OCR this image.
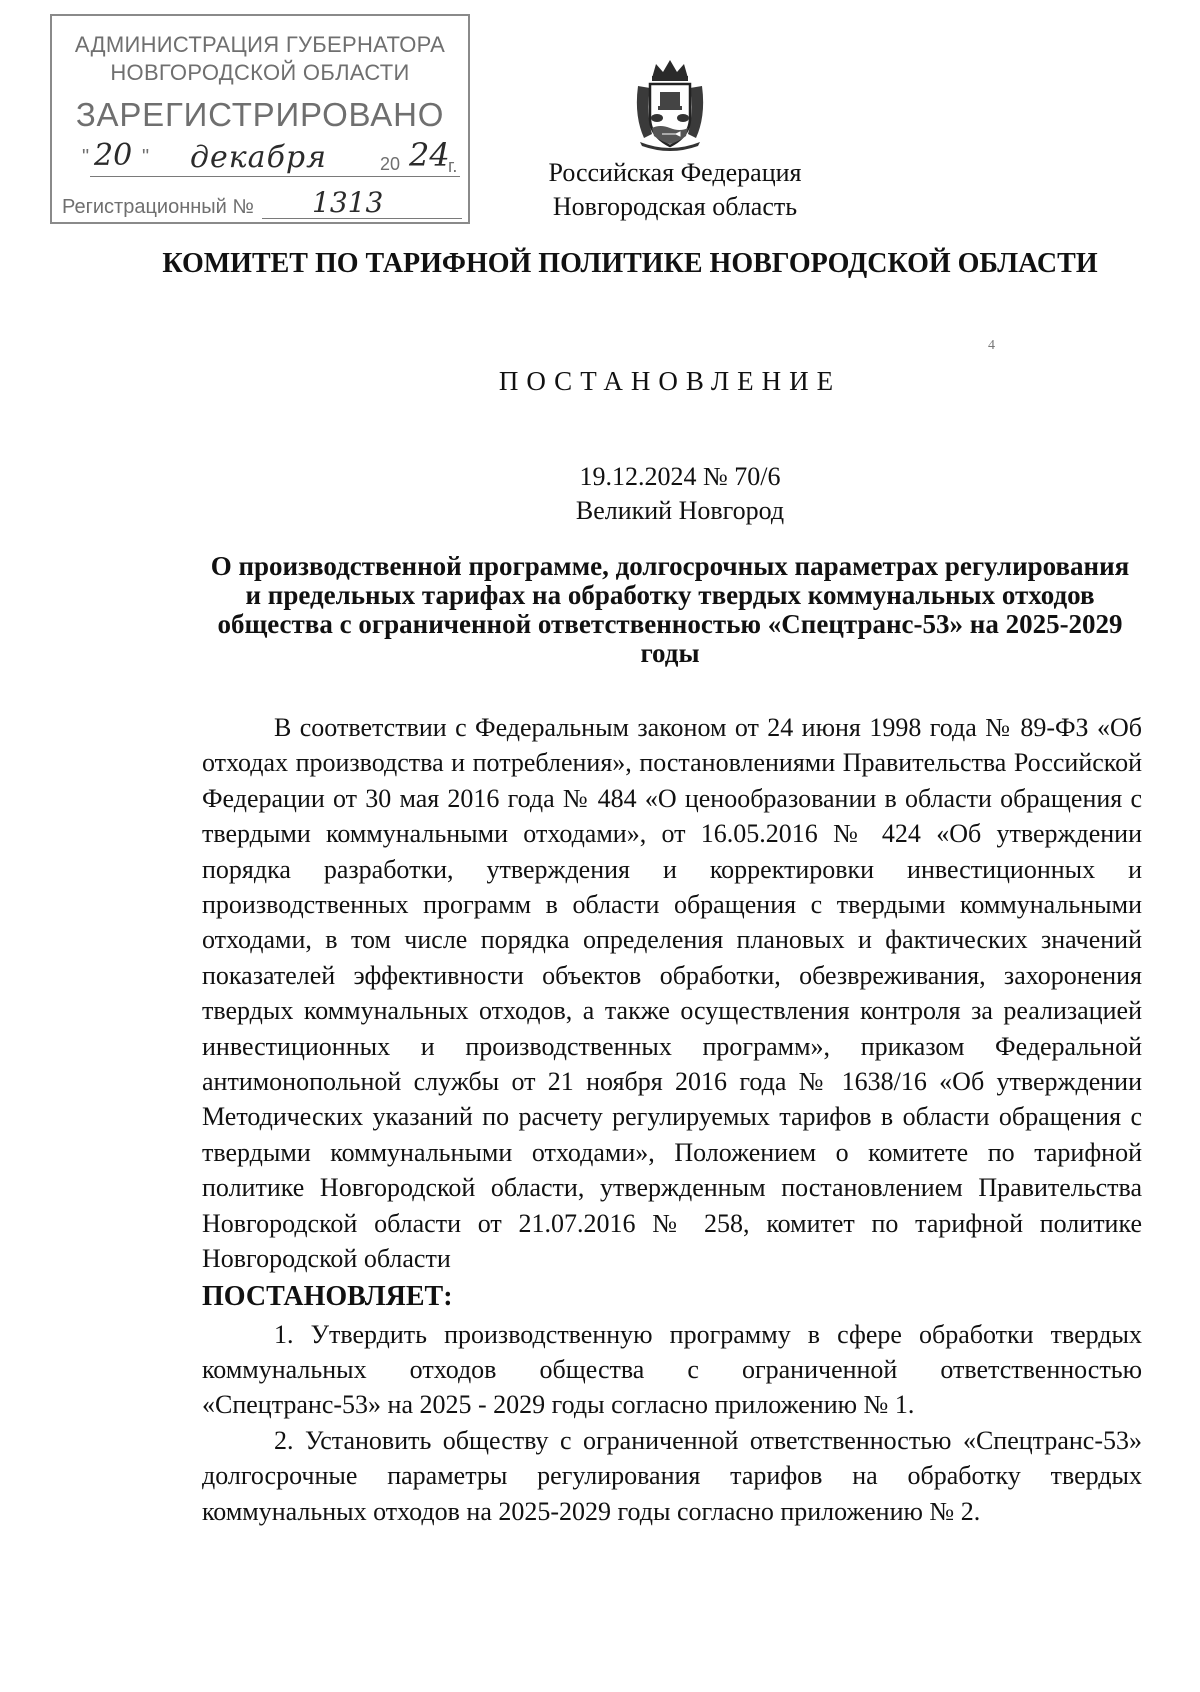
АДМИНИСТРАЦИЯ ГУБЕРНАТОРА
НОВГОРОДСКОЙ ОБЛАСТИ
ЗАРЕГИСТРИРОВАНО
" 20 " декабря	20 24
г.
Регистрационный № 1313
Российская Федерация
Новгородская область
КОМИТЕТ ПО ТАРИФНОЙ ПОЛИТИКЕ НОВГОРОДСКОЙ ОБЛАСТИ
4
ПОСТАНОВЛЕНИЕ
19.12.2024 № 70/6
Великий Новгород
О производственной программе, долгосрочных параметрах регулирования и предельных тарифах на обработку твердых коммунальных отходов общества с ограниченной ответственностью «Спецтранс-53» на 2025-2029 годы

В соответствии с Федеральным законом от 24 июня 1998 года № 89-ФЗ «Об отходах производства и потребления», постановлениями Правительства Российской Федерации от 30 мая 2016 года № 484 «О ценообразовании в области обращения с твердыми коммунальными отходами», от 16.05.2016 № 424 «Об утверждении порядка разработки, утверждения и корректировки инвестиционных и производственных программ в области обращения с твердыми коммунальными отходами, в том числе порядка определения плановых и фактических значений показателей эффективности объектов обработки, обезвреживания, захоронения твердых коммунальных отходов, а также осуществления контроля за реализацией инвестиционных и производственных программ», приказом Федеральной антимонопольной службы от 21 ноября 2016 года № 1638/16 «Об утверждении Методических указаний по расчету регулируемых тарифов в области обращения с твердыми коммунальными отходами», Положением о комитете по тарифной политике Новгородской области, утвержденным постановлением Правительства Новгородской области от 21.07.2016 № 258, комитет по тарифной политике Новгородской области

ПОСТАНОВЛЯЕТ:

1. Утвердить производственную программу в сфере обработки твердых коммунальных отходов общества с ограниченной ответственностью «Спецтранс-53» на 2025 - 2029 годы согласно приложению № 1.

2. Установить обществу с ограниченной ответственностью «Спецтранс-53» долгосрочные параметры регулирования тарифов на обработку твердых коммунальных отходов на 2025-2029 годы согласно приложению № 2.
